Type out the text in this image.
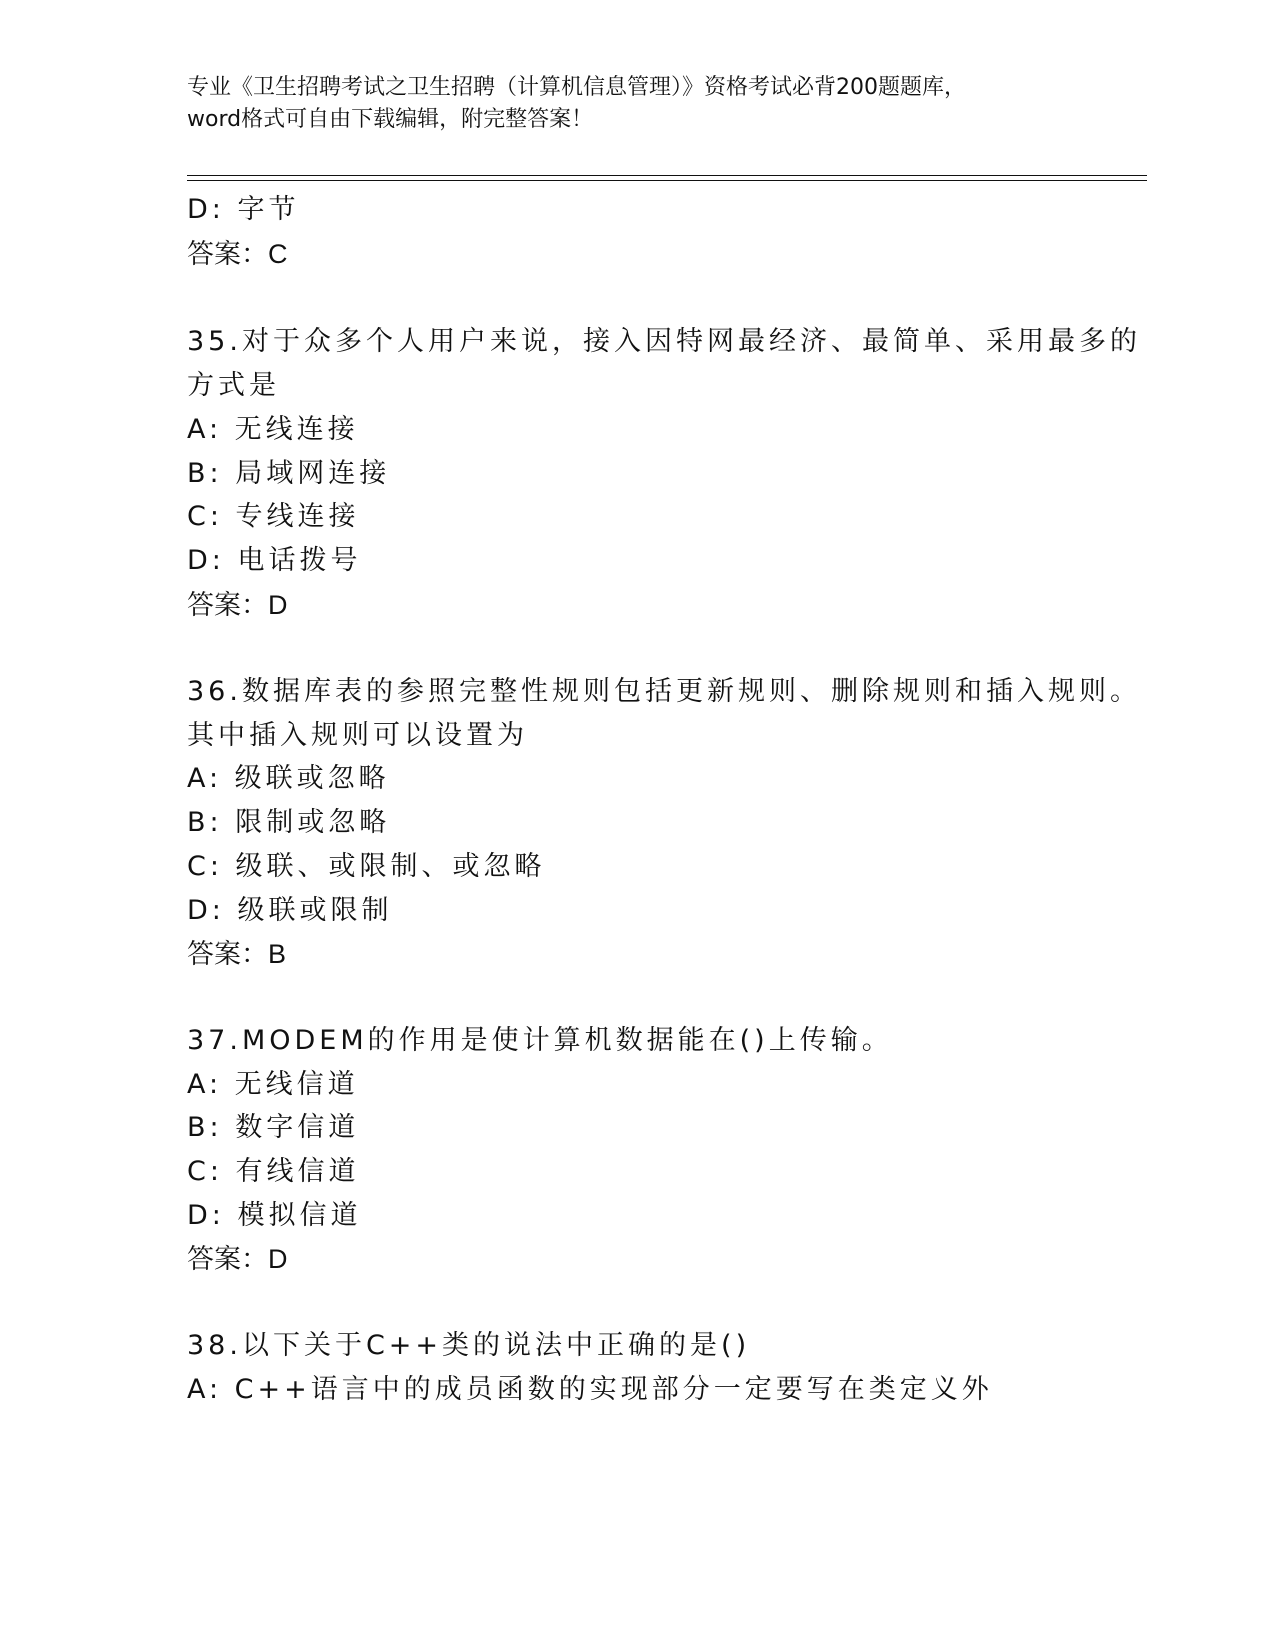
专业《卫生招聘考试之卫生招聘（计算机信息管理）》资格考试必背200题题库，
word格式可自由下载编辑，附完整答案！
D: 字节
答案：C
35.对于众多个人用户来说，接入因特网最经济、最简单、采用最多的
方式是
A: 无线连接
B: 局域网连接
C: 专线连接
D: 电话拨号
答案：D
36.数据库表的参照完整性规则包括更新规则、删除规则和插入规则。
其中插入规则可以设置为
A: 级联或忽略
B: 限制或忽略
C: 级联、或限制、或忽略
D: 级联或限制
答案：B
37.MODEM的作用是使计算机数据能在()上传输。
A: 无线信道
B: 数字信道
C: 有线信道
D: 模拟信道
答案：D
38.以下关于C++类的说法中正确的是()
A: C++语言中的成员函数的实现部分一定要写在类定义外
